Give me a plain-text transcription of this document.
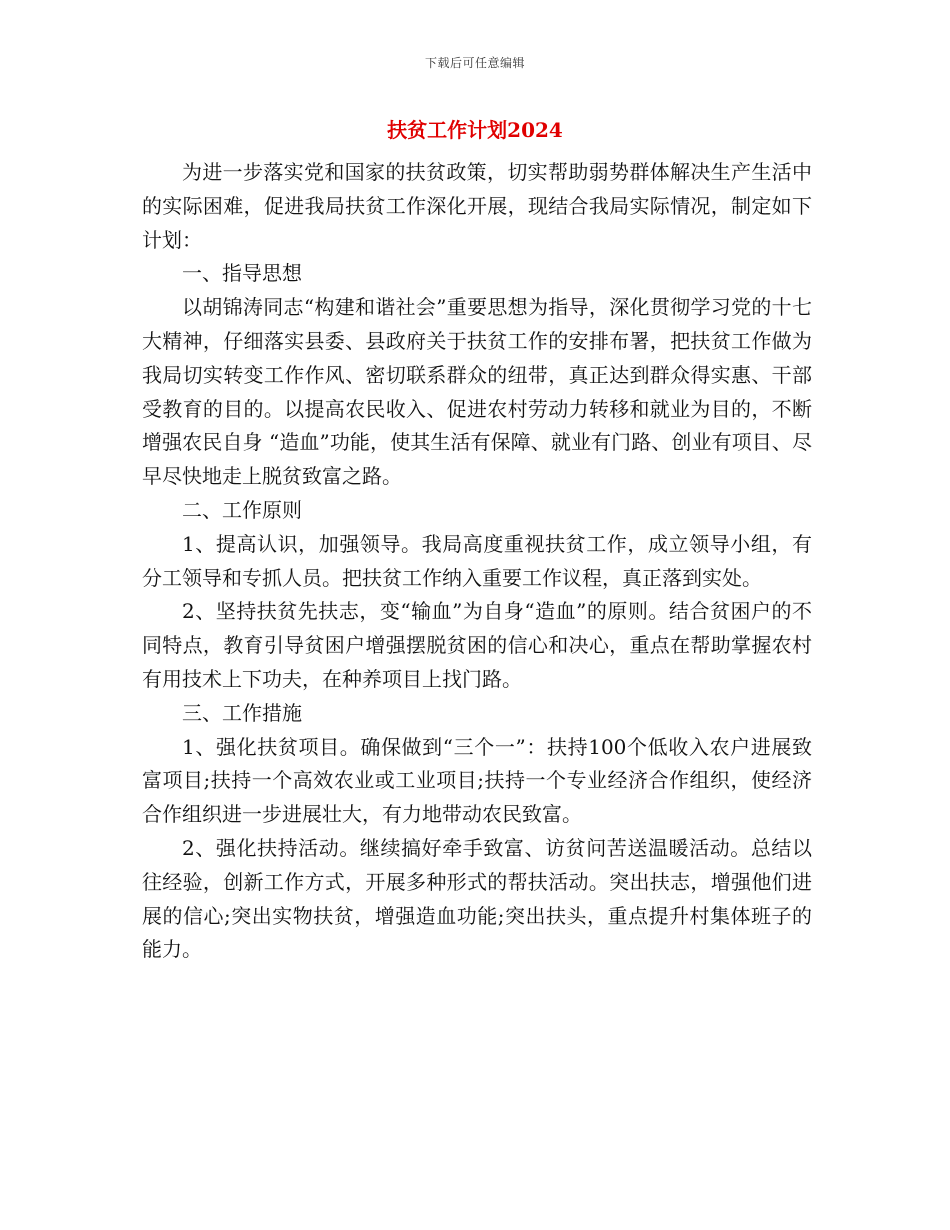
下载后可任意编辑
扶贫工作计划2024

为进一步落实党和国家的扶贫政策，切实帮助弱势群体解决生产生活中的实际困难，促进我局扶贫工作深化开展，现结合我局实际情况，制定如下计划：

一、指导思想

以胡锦涛同志“构建和谐社会”重要思想为指导，深化贯彻学习党的十七大精神，仔细落实县委、县政府关于扶贫工作的安排布署，把扶贫工作做为我局切实转变工作作风、密切联系群众的纽带，真正达到群众得实惠、干部受教育的目的。以提高农民收入、促进农村劳动力转移和就业为目的，不断增强农民自身 “造血”功能，使其生活有保障、就业有门路、创业有项目、尽早尽快地走上脱贫致富之路。

二、工作原则

1、提高认识，加强领导。我局高度重视扶贫工作，成立领导小组，有分工领导和专抓人员。把扶贫工作纳入重要工作议程，真正落到实处。

2、坚持扶贫先扶志，变“输血”为自身“造血”的原则。结合贫困户的不同特点，教育引导贫困户增强摆脱贫困的信心和决心，重点在帮助掌握农村有用技术上下功夫，在种养项目上找门路。

三、工作措施

1、强化扶贫项目。确保做到“三个一”：扶持100个低收入农户进展致富项目;扶持一个高效农业或工业项目;扶持一个专业经济合作组织，使经济合作组织进一步进展壮大，有力地带动农民致富。

2、强化扶持活动。继续搞好牵手致富、访贫问苦送温暖活动。总结以往经验，创新工作方式，开展多种形式的帮扶活动。突出扶志，增强他们进展的信心;突出实物扶贫，增强造血功能;突出扶头，重点提升村集体班子的能力。
